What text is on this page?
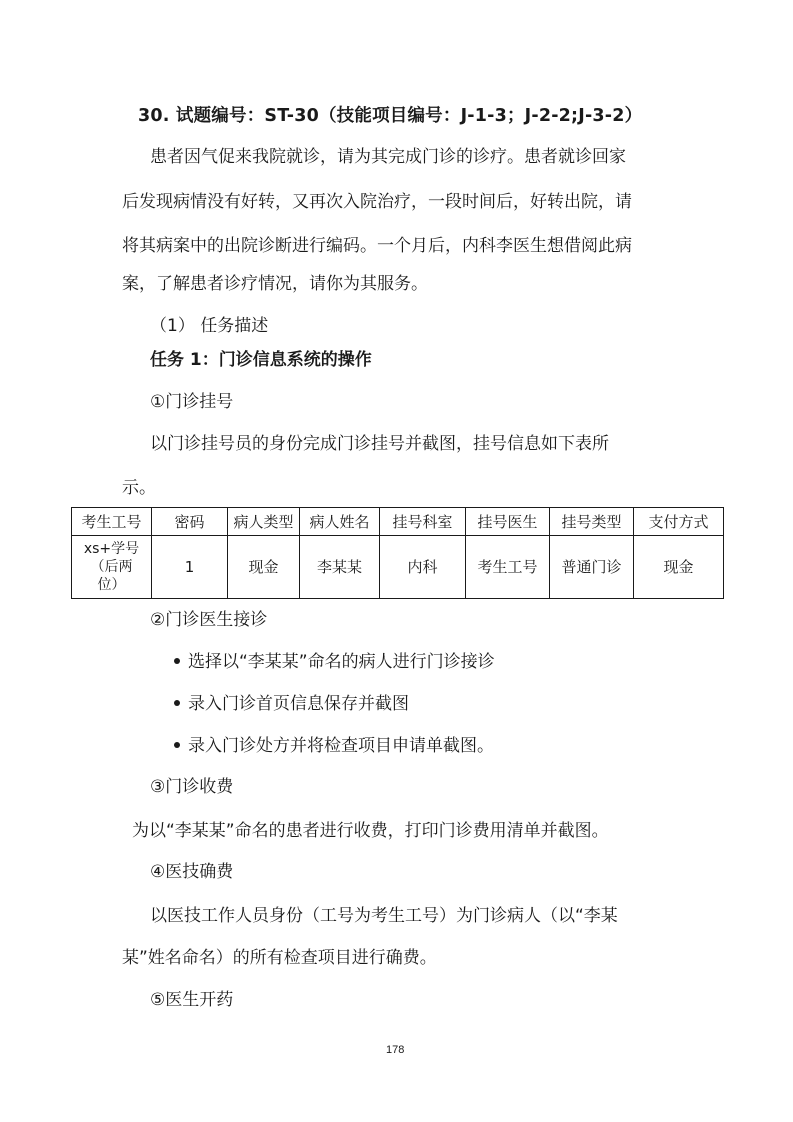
30. 试题编号：ST-30（技能项目编号：J-1-3；J-2-2;J-3-2）
患者因气促来我院就诊，请为其完成门诊的诊疗。患者就诊回家
后发现病情没有好转，又再次入院治疗，一段时间后，好转出院，请
将其病案中的出院诊断进行编码。一个月后，内科李医生想借阅此病
案，了解患者诊疗情况，请你为其服务。
（1） 任务描述
任务 1：门诊信息系统的操作
①门诊挂号
以门诊挂号员的身份完成门诊挂号并截图，挂号信息如下表所
示。
考生工号	密码	病人类型	病人姓名	挂号科室	挂号医生	挂号类型	支付方式

xs+学号
（后两
位）	1	现金	李某某	内科	考生工号	普通门诊	现金
②门诊医生接诊
选择以“李某某”命名的病人进行门诊接诊
录入门诊首页信息保存并截图
录入门诊处方并将检查项目申请单截图。
③门诊收费
为以“李某某”命名的患者进行收费，打印门诊费用清单并截图。
④医技确费
以医技工作人员身份（工号为考生工号）为门诊病人（以“李某
某”姓名命名）的所有检查项目进行确费。
⑤医生开药
178
